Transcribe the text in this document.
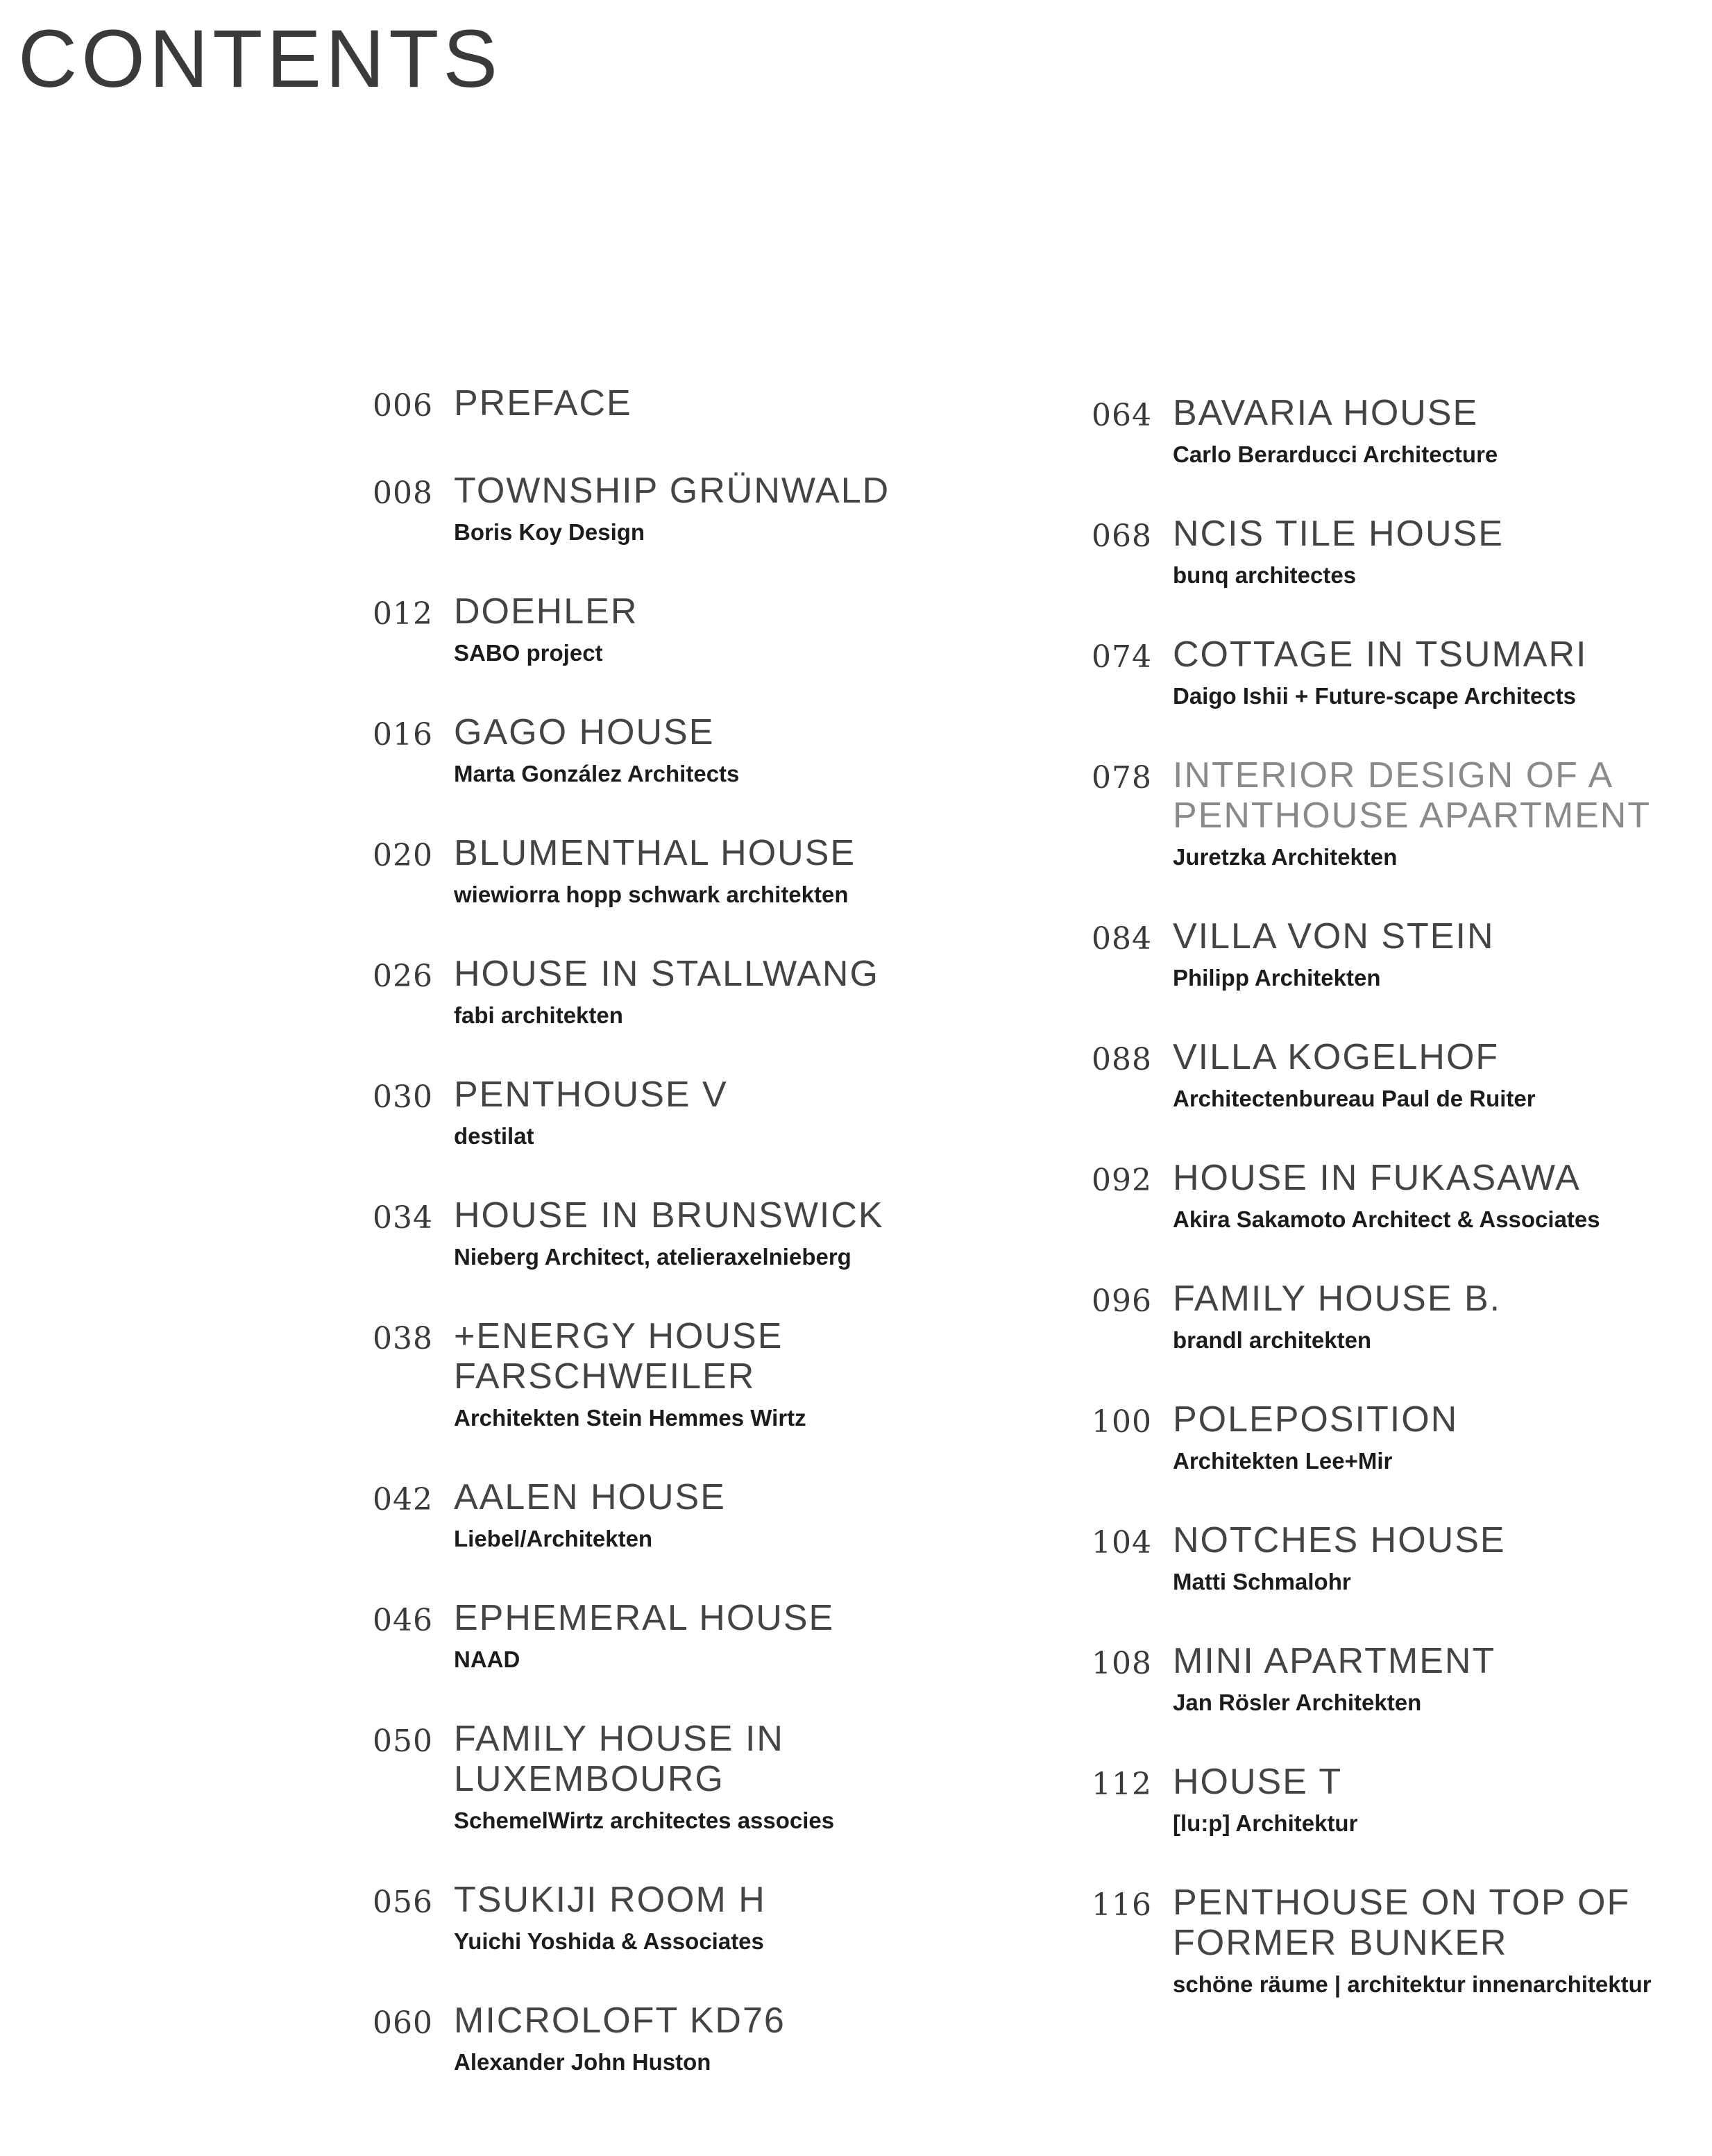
CONTENTS
006 PREFACE
008 TOWNSHIP GRÜNWALD
Boris Koy Design
012 DOEHLER
SABO project
016 GAGO HOUSE
Marta González Architects
020 BLUMENTHAL HOUSE
wiewiorra hopp schwark architekten
026 HOUSE IN STALLWANG
fabi architekten
030 PENTHOUSE V
destilat
034 HOUSE IN BRUNSWICK
Nieberg Architect, atelieraxelnieberg
038 +ENERGY HOUSE
FARSCHWEILER
Architekten Stein Hemmes Wirtz
042 AALEN HOUSE
Liebel/Architekten
046 EPHEMERAL HOUSE
NAAD
050 FAMILY HOUSE IN
LUXEMBOURG
SchemelWirtz architectes associes
056 TSUKIJI ROOM H
Yuichi Yoshida & Associates
060 MICROLOFT KD76
Alexander John Huston
064 BAVARIA HOUSE
Carlo Berarducci Architecture
068 NCIS TILE HOUSE
bunq architectes
074 COTTAGE IN TSUMARI
Daigo Ishii + Future-scape Architects
078 INTERIOR DESIGN OF A
PENTHOUSE APARTMENT
Juretzka Architekten
084 VILLA VON STEIN
Philipp Architekten
088 VILLA KOGELHOF
Architectenbureau Paul de Ruiter
092 HOUSE IN FUKASAWA
Akira Sakamoto Architect & Associates
096 FAMILY HOUSE B.
brandl architekten
100 POLEPOSITION
Architekten Lee+Mir
104 NOTCHES HOUSE
Matti Schmalohr
108 MINI APARTMENT
Jan Rösler Architekten
112 HOUSE T
[lu:p] Architektur
116 PENTHOUSE ON TOP OF
FORMER BUNKER
schöne räume | architektur innenarchitektur
